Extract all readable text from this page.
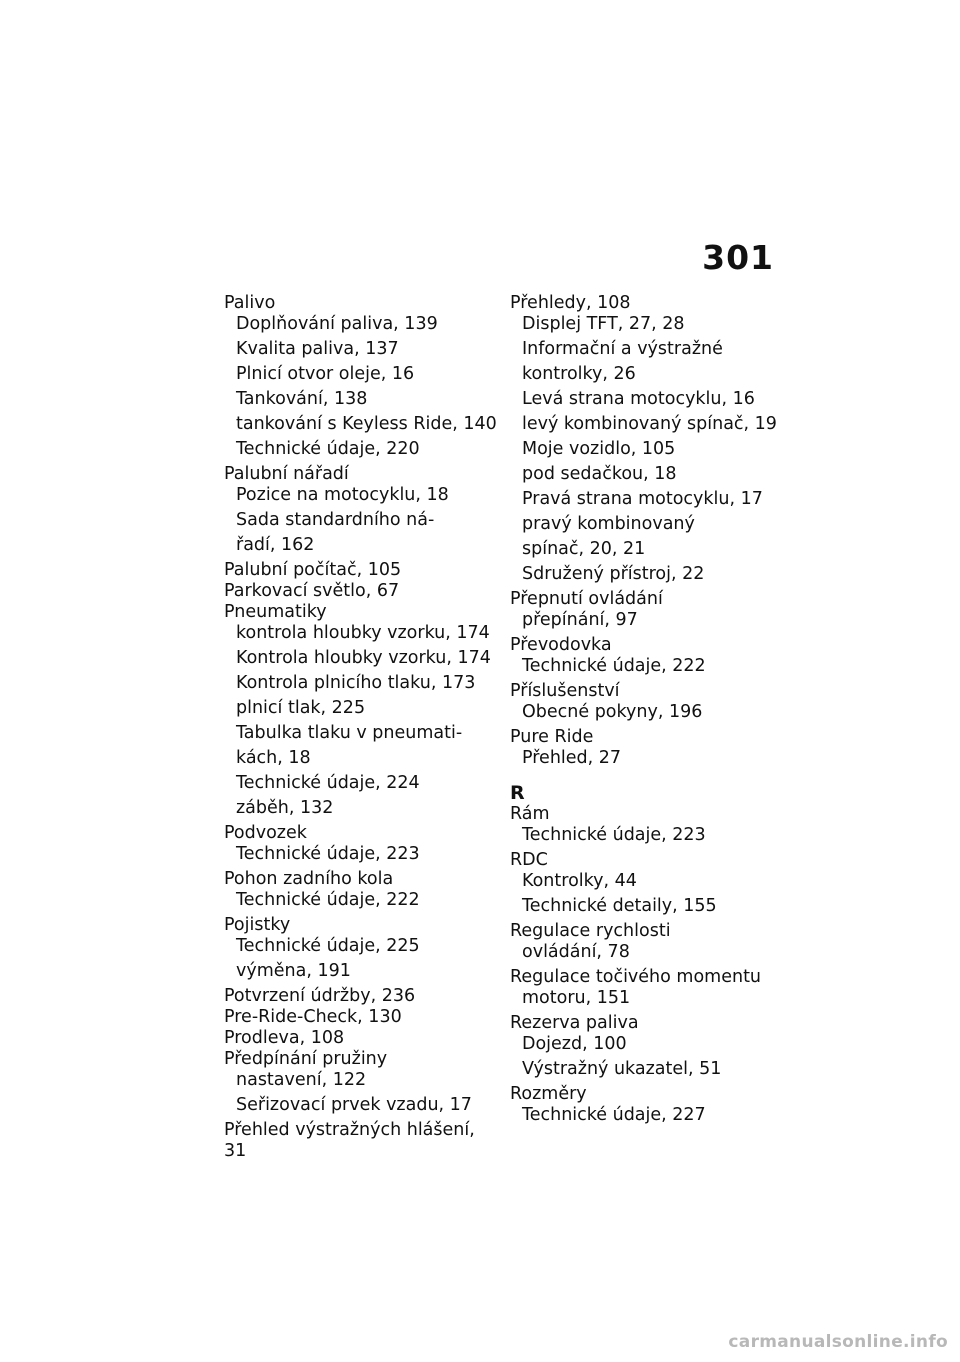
301
Palivo
Doplňování paliva, 139
Kvalita paliva, 137
Plnicí otvor oleje, 16
Tankování, 138
tankování s Keyless Ride, 140
Technické údaje, 220
Palubní nářadí
Pozice na motocyklu, 18
Sada standardního ná-
řadí, 162
Palubní počítač, 105
Parkovací světlo, 67
Pneumatiky
kontrola hloubky vzorku, 174
Kontrola hloubky vzorku, 174
Kontrola plnicího tlaku, 173
plnicí tlak, 225
Tabulka tlaku v pneumati-
kách, 18
Technické údaje, 224
záběh, 132
Podvozek
Technické údaje, 223
Pohon zadního kola
Technické údaje, 222
Pojistky
Technické údaje, 225
výměna, 191
Potvrzení údržby, 236
Pre-Ride-Check, 130
Prodleva, 108
Předpínání pružiny
nastavení, 122
Seřizovací prvek vzadu, 17
Přehled výstražných hlášení, 31
Přehledy, 108
Displej TFT, 27, 28
Informační a výstražné
kontrolky, 26
Levá strana motocyklu, 16
levý kombinovaný spínač, 19
Moje vozidlo, 105
pod sedačkou, 18
Pravá strana motocyklu, 17
pravý kombinovaný
spínač, 20, 21
Sdružený přístroj, 22
Přepnutí ovládání
přepínání, 97
Převodovka
Technické údaje, 222
Příslušenství
Obecné pokyny, 196
Pure Ride
Přehled, 27
R
Rám
Technické údaje, 223
RDC
Kontrolky, 44
Technické detaily, 155
Regulace rychlosti
ovládání, 78
Regulace točivého momentu
motoru, 151
Rezerva paliva
Dojezd, 100
Výstražný ukazatel, 51
Rozměry
Technické údaje, 227
carmanualsonline.info
